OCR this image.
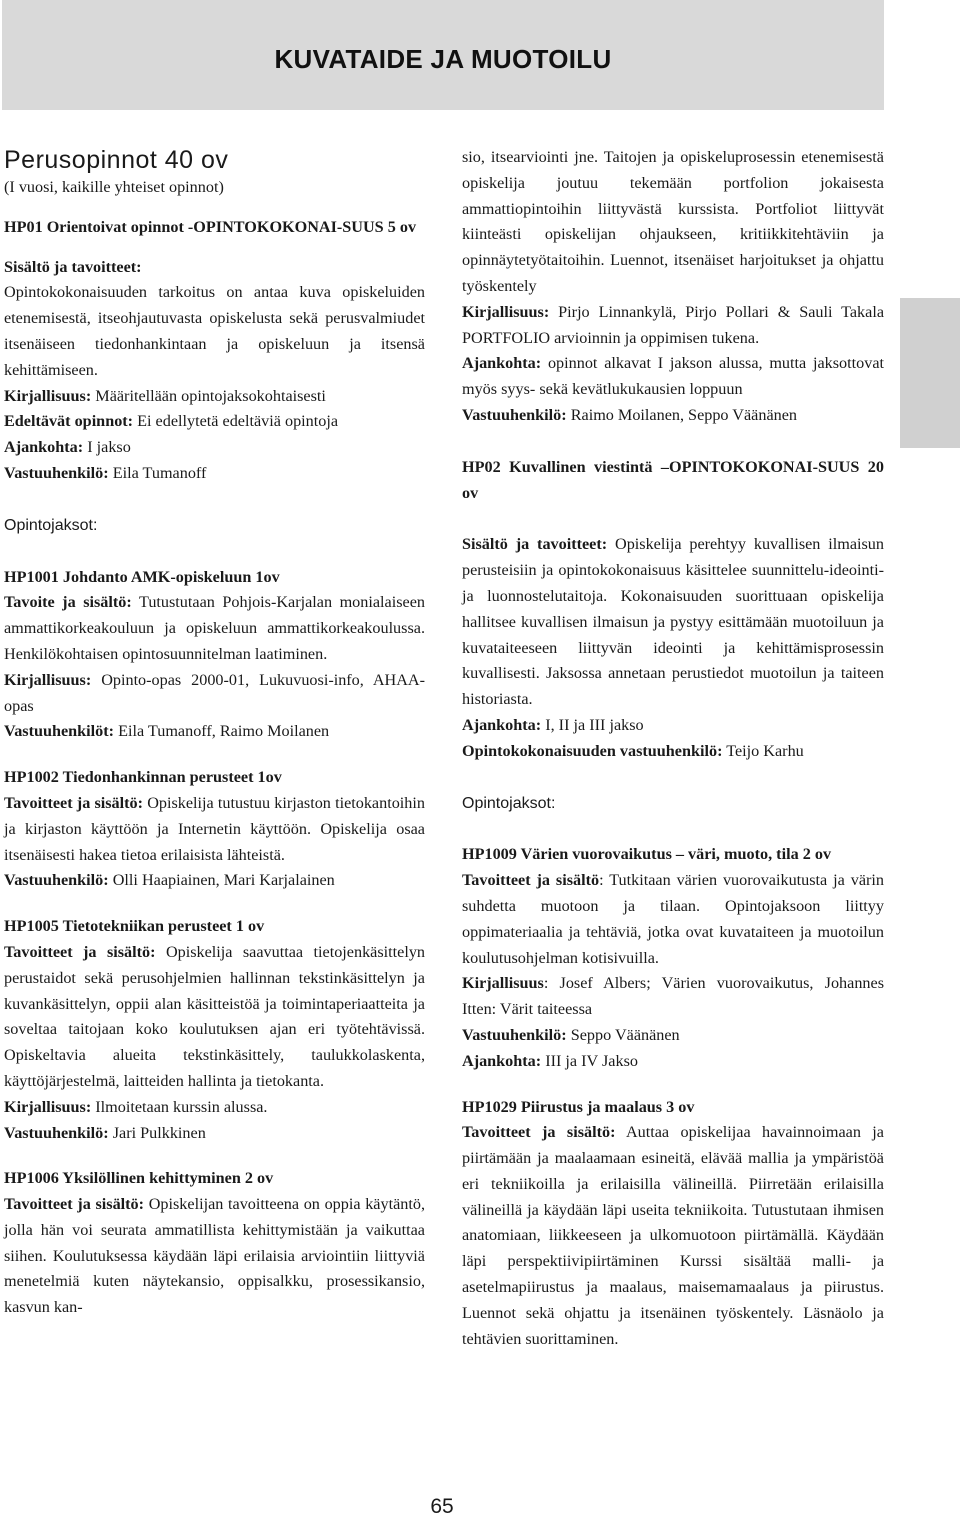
KUVATAIDE JA MUOTOILU
Perusopinnot 40 ov

(I vuosi, kaikille yhteiset opinnot)

HP01 Orientoivat opinnot -OPINTOKOKONAI-SUUS 5 ov

Sisältö ja tavoitteet:

Opintokokonaisuuden tarkoitus on antaa kuva opiskeluiden etenemisestä, itseohjautuvasta opiskelusta sekä perusvalmiudet itsenäiseen tiedonhankintaan ja opiskeluun ja itsensä kehittämiseen.

Kirjallisuus: Määritellään opintojaksokohtaisesti

Edeltävät opinnot: Ei edellytetä edeltäviä opintoja

Ajankohta: I jakso

Vastuuhenkilö: Eila Tumanoff

Opintojaksot:

HP1001 Johdanto AMK-opiskeluun 1ov

Tavoite ja sisältö: Tutustutaan Pohjois-Karjalan monialaiseen ammattikorkeakouluun ja opiskeluun ammattikorkeakoulussa. Henkilökohtaisen opintosuunnitelman laatiminen.

Kirjallisuus: Opinto-opas 2000-01, Lukuvuosi-info, AHAA-opas

Vastuuhenkilöt: Eila Tumanoff, Raimo Moilanen

HP1002 Tiedonhankinnan perusteet 1ov

Tavoitteet ja sisältö: Opiskelija tutustuu kirjaston tietokantoihin ja kirjaston käyttöön ja Internetin käyttöön. Opiskelija osaa itsenäisesti hakea tietoa erilaisista lähteistä.

Vastuuhenkilö: Olli Haapiainen, Mari Karjalainen

HP1005 Tietotekniikan perusteet 1 ov

Tavoitteet ja sisältö: Opiskelija saavuttaa tietojenkäsittelyn perustaidot sekä perusohjelmien hallinnan tekstinkäsittelyn ja kuvankäsittelyn, oppii alan käsitteistöä ja toimintaperiaatteita ja soveltaa taitojaan koko koulutuksen ajan eri työtehtävissä. Opiskeltavia alueita tekstinkäsittely, taulukkolaskenta, käyttöjärjestelmä, laitteiden hallinta ja tietokanta.

Kirjallisuus: Ilmoitetaan kurssin alussa.

Vastuuhenkilö: Jari Pulkkinen

HP1006 Yksilöllinen kehittyminen 2 ov

Tavoitteet ja sisältö: Opiskelijan tavoitteena on oppia käytäntö, jolla hän voi seurata ammatillista kehittymistään ja vaikuttaa siihen. Koulutuksessa käydään läpi erilaisia arviointiin liittyviä menetelmiä kuten näytekansio, oppisalkku, prosessikansio, kasvun kan-

sio, itsearviointi jne. Taitojen ja opiskeluprosessin etenemisestä opiskelija joutuu tekemään portfolion jokaisesta ammattiopintoihin liittyvästä kurssista. Portfoliot liittyvät kiinteästi opiskelijan ohjaukseen, kritiikkitehtäviin ja opinnäytetyötaitoihin. Luennot, itsenäiset harjoitukset ja ohjattu työskentely

Kirjallisuus: Pirjo Linnankylä, Pirjo Pollari & Sauli Takala PORTFOLIO arvioinnin ja oppimisen tukena.

Ajankohta: opinnot alkavat I jakson alussa, mutta jaksottovat myös syys- sekä kevätlukukausien loppuun

Vastuuhenkilö: Raimo Moilanen, Seppo Väänänen

HP02 Kuvallinen viestintä –OPINTOKOKONAI-SUUS 20 ov

Sisältö ja tavoitteet: Opiskelija perehtyy kuvallisen ilmaisun perusteisiin ja opintokokonaisuus käsittelee suunnittelu-ideointi- ja luonnostelutaitoja. Kokonaisuuden suorittuaan opiskelija hallitsee kuvallisen ilmaisun ja pystyy esittämään muotoiluun ja kuvataiteeseen liittyvän ideointi ja kehittämisprosessin kuvallisesti. Jaksossa annetaan perustiedot muotoilun ja taiteen historiasta.

Ajankohta: I, II ja III jakso

Opintokokonaisuuden vastuuhenkilö: Teijo Karhu

Opintojaksot:

HP1009 Värien vuorovaikutus – väri, muoto, tila 2 ov

Tavoitteet ja sisältö: Tutkitaan värien vuorovaikutusta ja värin suhdetta muotoon ja tilaan. Opintojaksoon liittyy oppimateriaalia ja tehtäviä, jotka ovat kuvataiteen ja muotoilun koulutusohjelman kotisivuilla.

Kirjallisuus: Josef Albers; Värien vuorovaikutus, Johannes Itten: Värit taiteessa

Vastuuhenkilö: Seppo Väänänen

Ajankohta: III ja IV Jakso

HP1029 Piirustus ja maalaus 3 ov

Tavoitteet ja sisältö: Auttaa opiskelijaa havainnoimaan ja piirtämään ja maalaamaan esineitä, elävää mallia ja ympäristöä eri tekniikoilla ja erilaisilla välineillä. Piirretään erilaisilla välineillä ja käydään läpi useita tekniikoita. Tutustutaan ihmisen anatomiaan, liikkeeseen ja ulkomuotoon piirtämällä. Käydään läpi perspektiivipiirtäminen Kurssi sisältää malli- ja asetelmapiirustus ja maalaus, maisemamaalaus ja piirustus. Luennot sekä ohjattu ja itsenäinen työskentely. Läsnäolo ja tehtävien suorittaminen.

65
